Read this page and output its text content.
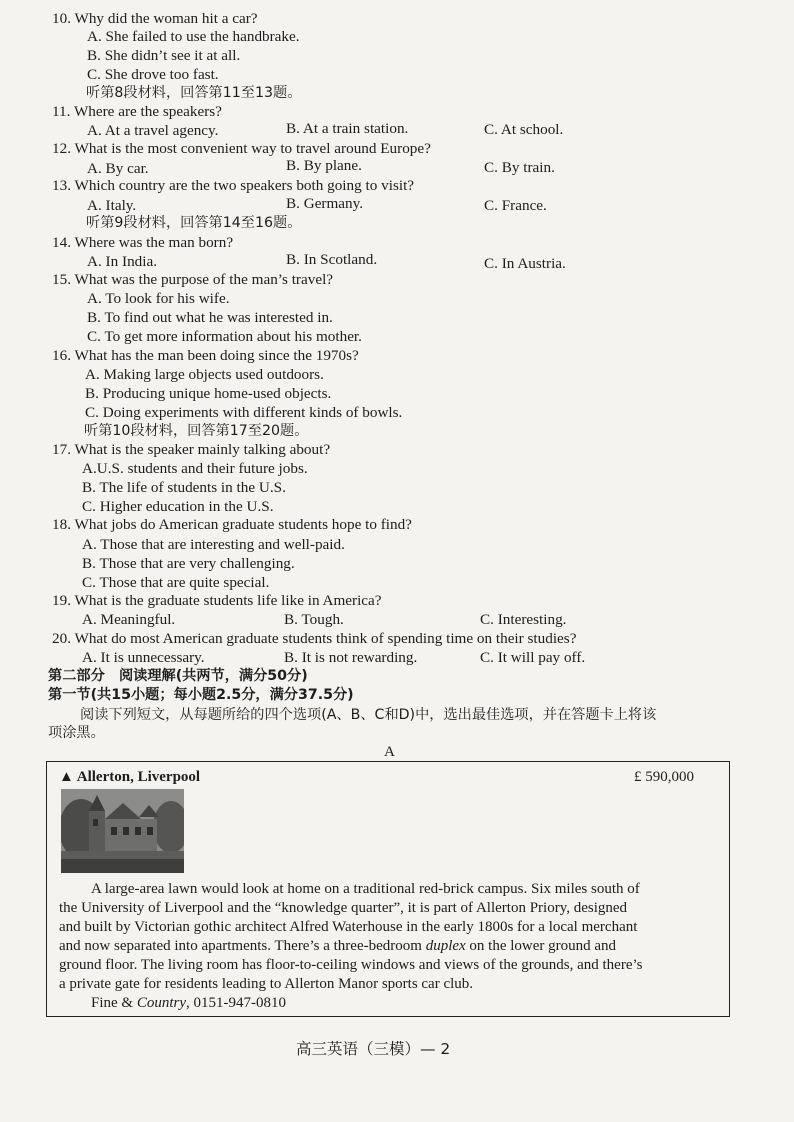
10. Why did the woman hit a car?
A. She failed to use the handbrake.
B. She didn’t see it at all.
C. She drove too fast.
听第8段材料，回答第11至13题。
11. Where are the speakers?
A. At a travel agency.	B. At a train station.	C. At school.
12. What is the most convenient way to travel around Europe?
A. By car.	B. By plane.	C. By train.
13. Which country are the two speakers both going to visit?
A. Italy.	B. Germany.	C. France.
听第9段材料，回答第14至16题。
14. Where was the man born?
A. In India.	B. In Scotland.	C. In Austria.
15. What was the purpose of the man’s travel?
A. To look for his wife.
B. To find out what he was interested in.
C. To get more information about his mother.
16. What has the man been doing since the 1970s?
A. Making large objects used outdoors.
B. Producing unique home-used objects.
C. Doing experiments with different kinds of bowls.
听第10段材料，回答第17至20题。
17. What is the speaker mainly talking about?
A.U.S. students and their future jobs.
B. The life of students in the U.S.
C. Higher education in the U.S.
18. What jobs do American graduate students hope to find?
A. Those that are interesting and well-paid.
B. Those that are very challenging.
C. Those that are quite special.
19. What is the graduate students life like in America?
A. Meaningful.	B. Tough.	C. Interesting.
20. What do most American graduate students think of spending time on their studies?
A. It is unnecessary.	B. It is not rewarding.	C. It will pay off.
第二部分　阅读理解(共两节，满分50分)
第一节(共15小题；每小题2.5分，满分37.5分)
阅读下列短文，从每题所给的四个选项(A、B、C和D)中，选出最佳选项，并在答题卡上将该
项涂黑。
A
▲ Allerton, Liverpool	£ 590,000
A large-area lawn would look at home on a traditional red-brick campus. Six miles south of
the University of Liverpool and the “knowledge quarter”, it is part of Allerton Priory, designed
and built by Victorian gothic architect Alfred Waterhouse in the early 1800s for a local merchant
and now separated into apartments. There’s a three-bedroom duplex on the lower ground and
ground floor. The living room has floor-to-ceiling windows and views of the grounds, and there’s
a private gate for residents leading to Allerton Manor sports car club.
Fine & Country, 0151-947-0810
高三英语（三模）— 2
